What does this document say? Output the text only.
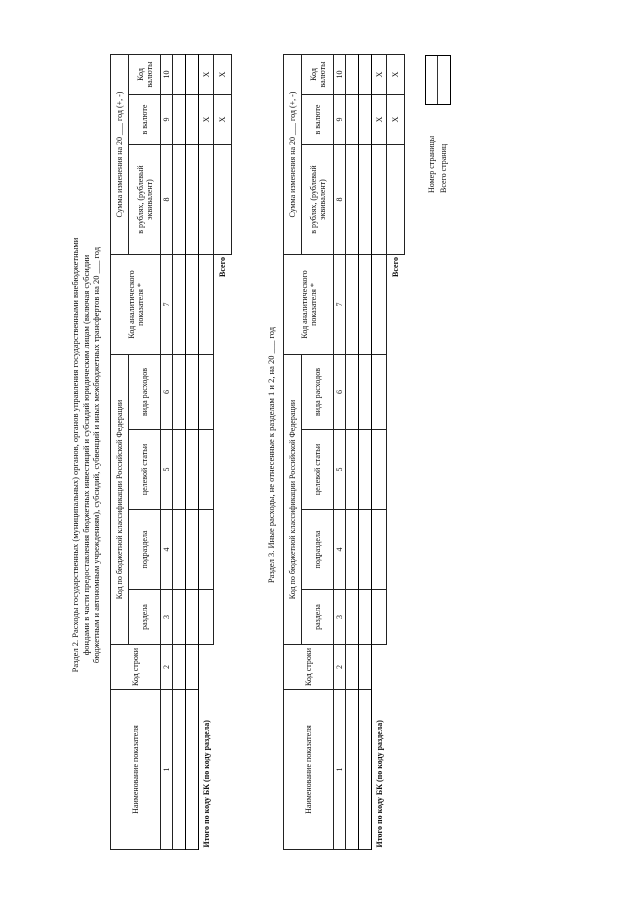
Раздел 2. Расходы государственных (муниципальных) органов, органов управления государственными внебюджетными фондами в части предоставления бюджетных инвестиций и субсидий юридическим лицам (включая субсидии бюджетным и автономным учреждениям), субсидий, субвенций и иных межбюджетных трансфертов на 20 ___ год
Наименование показателя	Код строки	Код по бюджетной классификации Российской Федерации				Код аналитического показателя *	Сумма изменения на 20 ___ год (+, -)		
		раздела	подраздела	целевой статьи	вида расходов		в рублях, (рублевый эквивалент)	в валюте	Код валюты
1	2	3	4	5	6	7	8	9	10

Итого по коду БК (по коду раздела)								X	X
Всего								X	X
Раздел 3. Иные расходы, не отнесенные к разделам 1 и 2, на 20 ___ год
Наименование показателя	Код строки	Код по бюджетной классификации Российской Федерации				Код аналитического показателя *	Сумма изменения на 20 ___ год (+, -)		
		раздела	подраздела	целевой статьи	вида расходов		в рублях, (рублевый эквивалент)	в валюте	Код валюты
1	2	3	4	5	6	7	8	9	10

Итого по коду БК (по коду раздела)								X	X
Всего								X	X
Номер страницы Всего страниц
